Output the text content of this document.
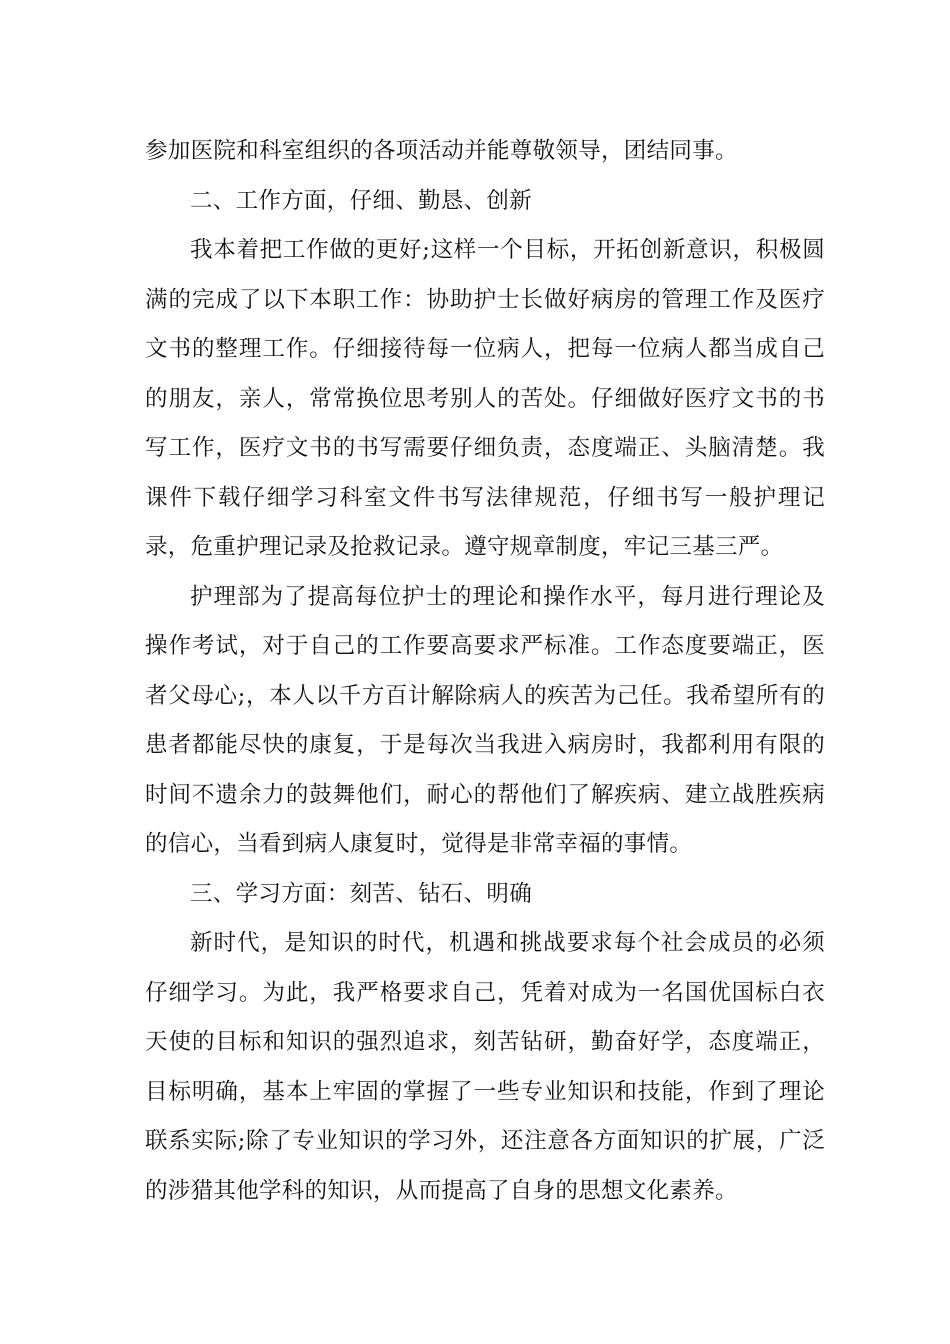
参加医院和科室组织的各项活动并能尊敬领导，团结同事。

二、工作方面，仔细、勤恳、创新

我本着把工作做的更好;这样一个目标，开拓创新意识，积极圆满的完成了以下本职工作：协助护士长做好病房的管理工作及医疗文书的整理工作。仔细接待每一位病人，把每一位病人都当成自己的朋友，亲人，常常换位思考别人的苦处。仔细做好医疗文书的书写工作，医疗文书的书写需要仔细负责，态度端正、头脑清楚。我课件下载仔细学习科室文件书写法律规范，仔细书写一般护理记录，危重护理记录及抢救记录。遵守规章制度，牢记三基三严。

护理部为了提高每位护士的理论和操作水平，每月进行理论及操作考试，对于自己的工作要高要求严标准。工作态度要端正，医者父母心;，本人以千方百计解除病人的疾苦为己任。我希望所有的患者都能尽快的康复，于是每次当我进入病房时，我都利用有限的时间不遗余力的鼓舞他们，耐心的帮他们了解疾病、建立战胜疾病的信心，当看到病人康复时，觉得是非常幸福的事情。

三、学习方面：刻苦、钻石、明确

新时代，是知识的时代，机遇和挑战要求每个社会成员的必须仔细学习。为此，我严格要求自己，凭着对成为一名国优国标白衣天使的目标和知识的强烈追求，刻苦钻研，勤奋好学，态度端正，目标明确，基本上牢固的掌握了一些专业知识和技能，作到了理论联系实际;除了专业知识的学习外，还注意各方面知识的扩展，广泛的涉猎其他学科的知识，从而提高了自身的思想文化素养。
